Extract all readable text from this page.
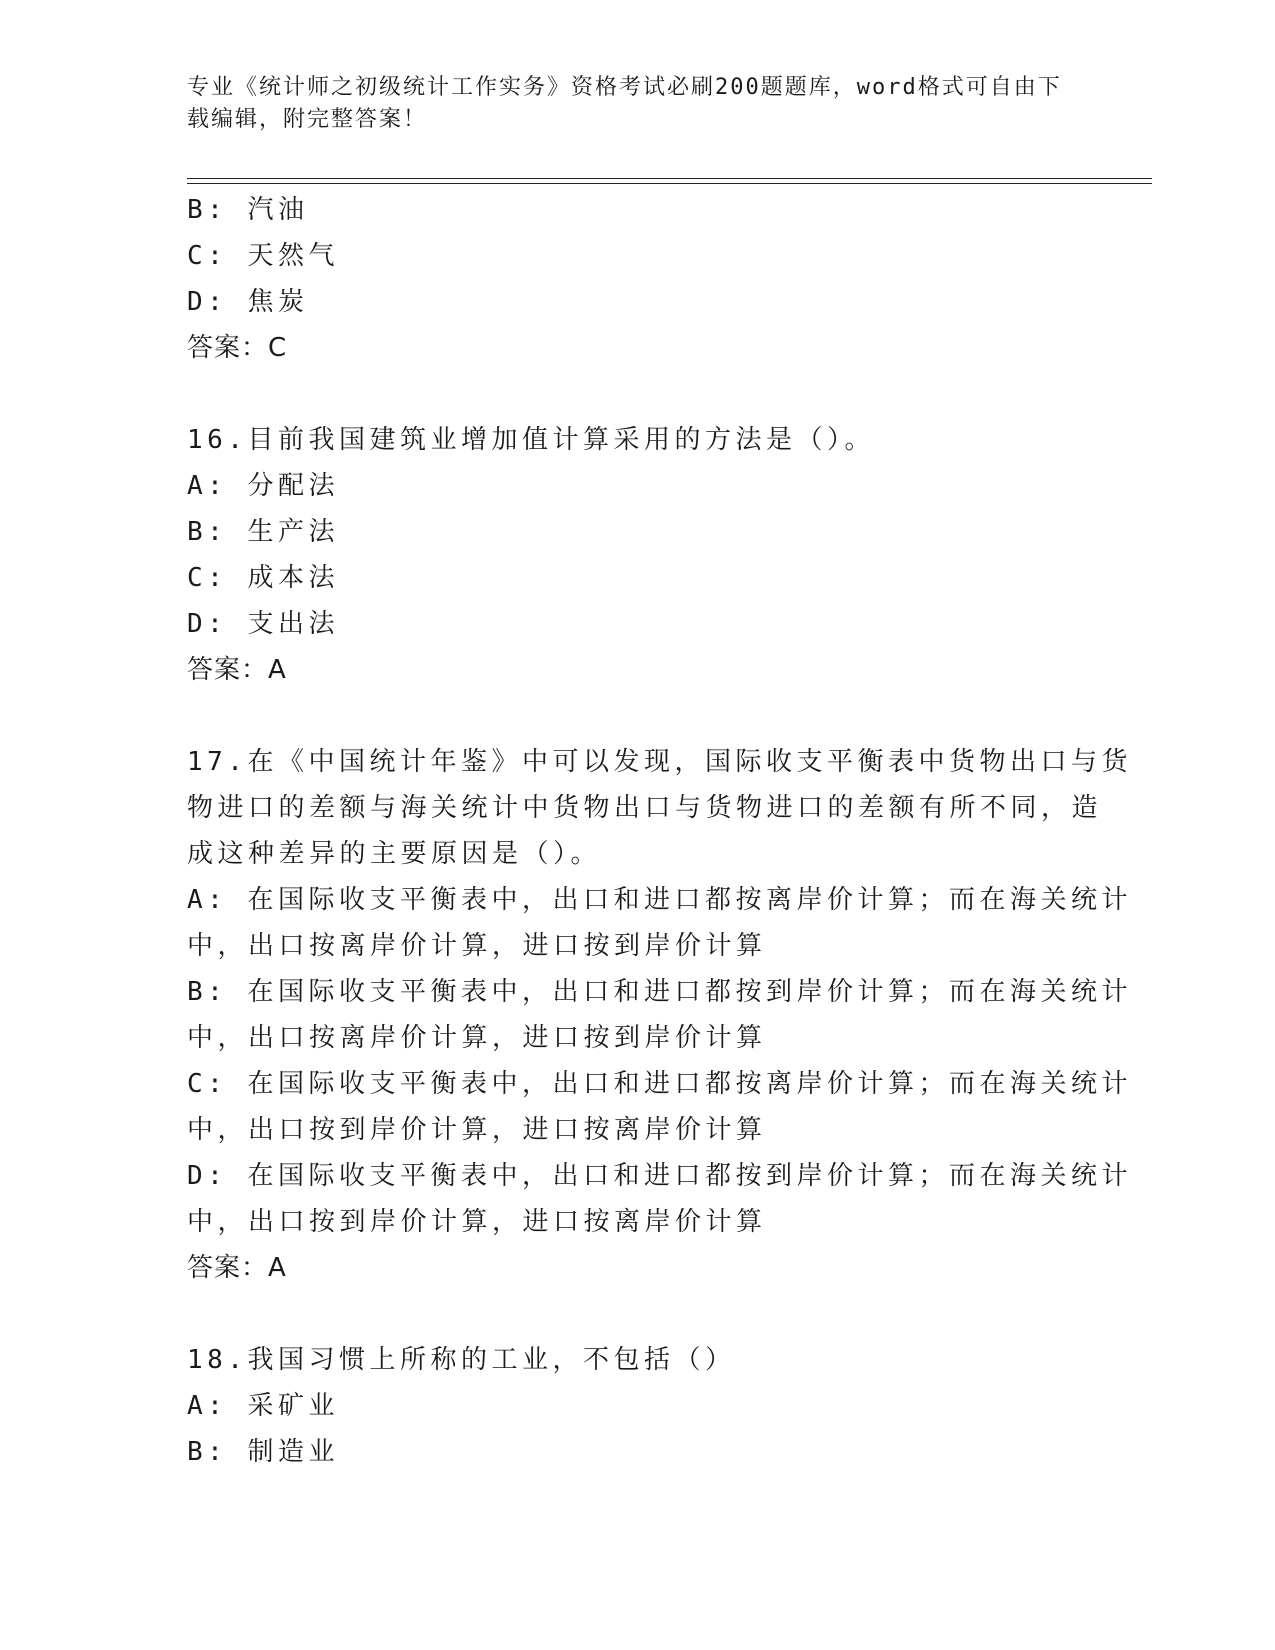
专业《统计师之初级统计工作实务》资格考试必刷200题题库，word格式可自由下载编辑，附完整答案！
B: 汽油
C: 天然气
D: 焦炭
答案：C
16.目前我国建筑业增加值计算采用的方法是（）。
A: 分配法
B: 生产法
C: 成本法
D: 支出法
答案：A
17.在《中国统计年鉴》中可以发现，国际收支平衡表中货物出口与货
物进口的差额与海关统计中货物出口与货物进口的差额有所不同，造
成这种差异的主要原因是（）。
A: 在国际收支平衡表中，出口和进口都按离岸价计算；而在海关统计
中，出口按离岸价计算，进口按到岸价计算
B: 在国际收支平衡表中，出口和进口都按到岸价计算；而在海关统计
中，出口按离岸价计算，进口按到岸价计算
C: 在国际收支平衡表中，出口和进口都按离岸价计算；而在海关统计
中，出口按到岸价计算，进口按离岸价计算
D: 在国际收支平衡表中，出口和进口都按到岸价计算；而在海关统计
中，出口按到岸价计算，进口按离岸价计算
答案：A
18.我国习惯上所称的工业，不包括（）
A: 采矿业
B: 制造业
